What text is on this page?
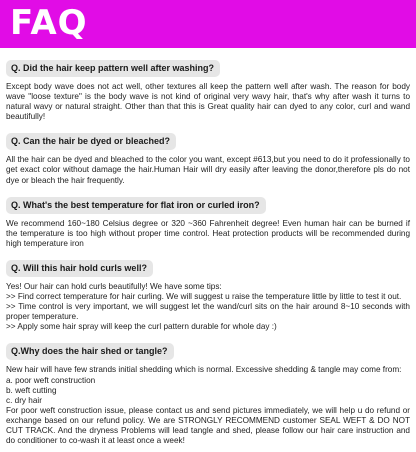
FAQ
Q. Did the hair keep pattern well after washing?

Except body wave does not act well, other textures all keep the pattern well after wash. The reason for body wave "loose texture" is the body wave is not kind of original very wavy hair, that's why after wash it turns to natural wavy or natural straight. Other than that this is Great quality hair can dyed to any color, curl and wand beautifully!

Q. Can the hair be dyed or bleached?

All the hair can be dyed and bleached to the color you want, except #613,but you need to do it professionally to get exact color without damage the hair.Human Hair will dry easily after leaving the donor,therefore pls do not dye or bleach the hair frequently.

Q. What's the best temperature for flat iron or curled iron?

We recommend 160~180 Celsius degree or 320 ~360 Fahrenheit degree! Even human hair can be burned if the temperature is too high without proper time control. Heat protection products will be recommended during high temperature iron

Q. Will this hair hold curls well?

Yes! Our hair can hold curls beautifully! We have some tips:

>> Find correct temperature for hair curling. We will suggest u raise the temperature little by little to test it out.

>> Time control is very important, we will suggest let the wand/curl sits on the hair around 8~10 seconds with proper temperature.

>> Apply some hair spray will keep the curl pattern durable for whole day :)

Q.Why does the hair shed or tangle?

New hair will have few strands initial shedding which is normal. Excessive shedding & tangle may come from:

a. poor weft construction

b. weft cutting

c. dry hair

For poor weft construction issue, please contact us and send pictures immediately, we will help u do refund or exchange based on our refund policy. We are STRONGLY RECOMMEND customer SEAL WEFT & DO NOT CUT TRACK. And the dryness Problems will lead tangle and shed, please follow our hair care instruction and do conditioner to co-wash it at least once a week!
